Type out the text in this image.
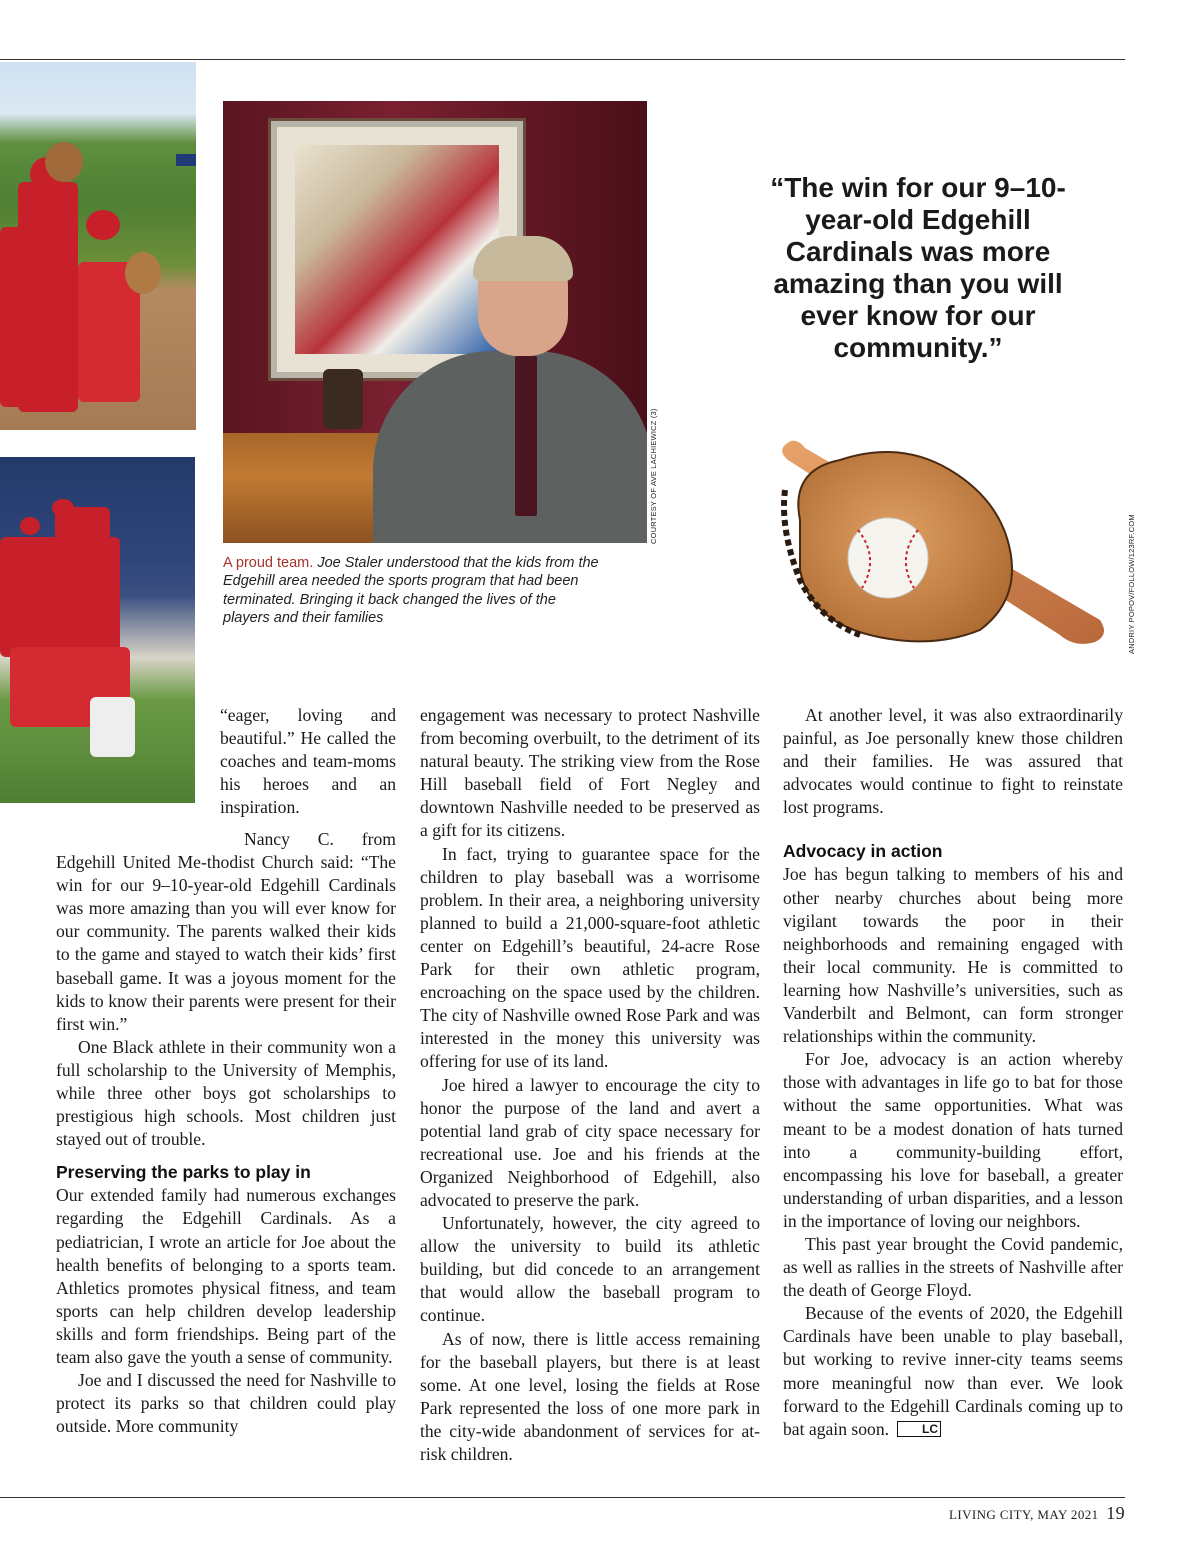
COURTESY OF AVE LACHIEWICZ (3)
A proud team. Joe Staler understood that the kids from the Edgehill area needed the sports program that had been terminated. Bringing it back changed the lives of the players and their families
“The win for our 9–10-year-old Edgehill Cardinals was more amazing than you will ever know for our community.”
ANDRIY POPOV/FOLLOW/123RF.COM

“eager, loving and beautiful.” He called the coaches and team-moms his heroes and an inspiration.

Nancy C. from Edgehill United Me-thodist Church said: “The win for our 9–10-year-old Edgehill Cardinals was more amazing than you will ever know for our community. The parents walked their kids to the game and stayed to watch their kids’ first baseball game. It was a joyous moment for the kids to know their parents were present for their first win.”

One Black athlete in their community won a full scholarship to the University of Memphis, while three other boys got scholarships to prestigious high schools. Most children just stayed out of trouble.

Preserving the parks to play in

Our extended family had numerous exchanges regarding the Edgehill Cardinals. As a pediatrician, I wrote an article for Joe about the health benefits of belonging to a sports team. Athletics promotes physical fitness, and team sports can help children develop leadership skills and form friendships. Being part of the team also gave the youth a sense of community.

Joe and I discussed the need for Nashville to protect its parks so that children could play outside. More community

engagement was necessary to protect Nashville from becoming overbuilt, to the detriment of its natural beauty. The striking view from the Rose Hill baseball field of Fort Negley and downtown Nashville needed to be preserved as a gift for its citizens.

In fact, trying to guarantee space for the children to play baseball was a worrisome problem. In their area, a neighboring university planned to build a 21,000-square-foot athletic center on Edgehill’s beautiful, 24-acre Rose Park for their own athletic program, encroaching on the space used by the children. The city of Nashville owned Rose Park and was interested in the money this university was offering for use of its land.

Joe hired a lawyer to encourage the city to honor the purpose of the land and avert a potential land grab of city space necessary for recreational use. Joe and his friends at the Organized Neighborhood of Edgehill, also advocated to preserve the park.

Unfortunately, however, the city agreed to allow the university to build its athletic building, but did concede to an arrangement that would allow the baseball program to continue.

As of now, there is little access remaining for the baseball players, but there is at least some. At one level, losing the fields at Rose Park represented the loss of one more park in the city-wide abandonment of services for at-risk children.

At another level, it was also extraordinarily painful, as Joe personally knew those children and their families. He was assured that advocates would continue to fight to reinstate lost programs.

Advocacy in action

Joe has begun talking to members of his and other nearby churches about being more vigilant towards the poor in their neighborhoods and remaining engaged with their local community. He is committed to learning how Nashville’s universities, such as Vanderbilt and Belmont, can form stronger relationships within the community.

For Joe, advocacy is an action whereby those with advantages in life go to bat for those without the same opportunities. What was meant to be a modest donation of hats turned into a community-building effort, encompassing his love for baseball, a greater understanding of urban disparities, and a lesson in the importance of loving our neighbors.

This past year brought the Covid pandemic, as well as rallies in the streets of Nashville after the death of George Floyd.

Because of the events of 2020, the Edgehill Cardinals have been unable to play baseball, but working to revive inner-city teams seems more meaningful now than ever. We look forward to the Edgehill Cardinals coming up to bat again soon.	LC

LIVING CITY, MAY 2021 19
